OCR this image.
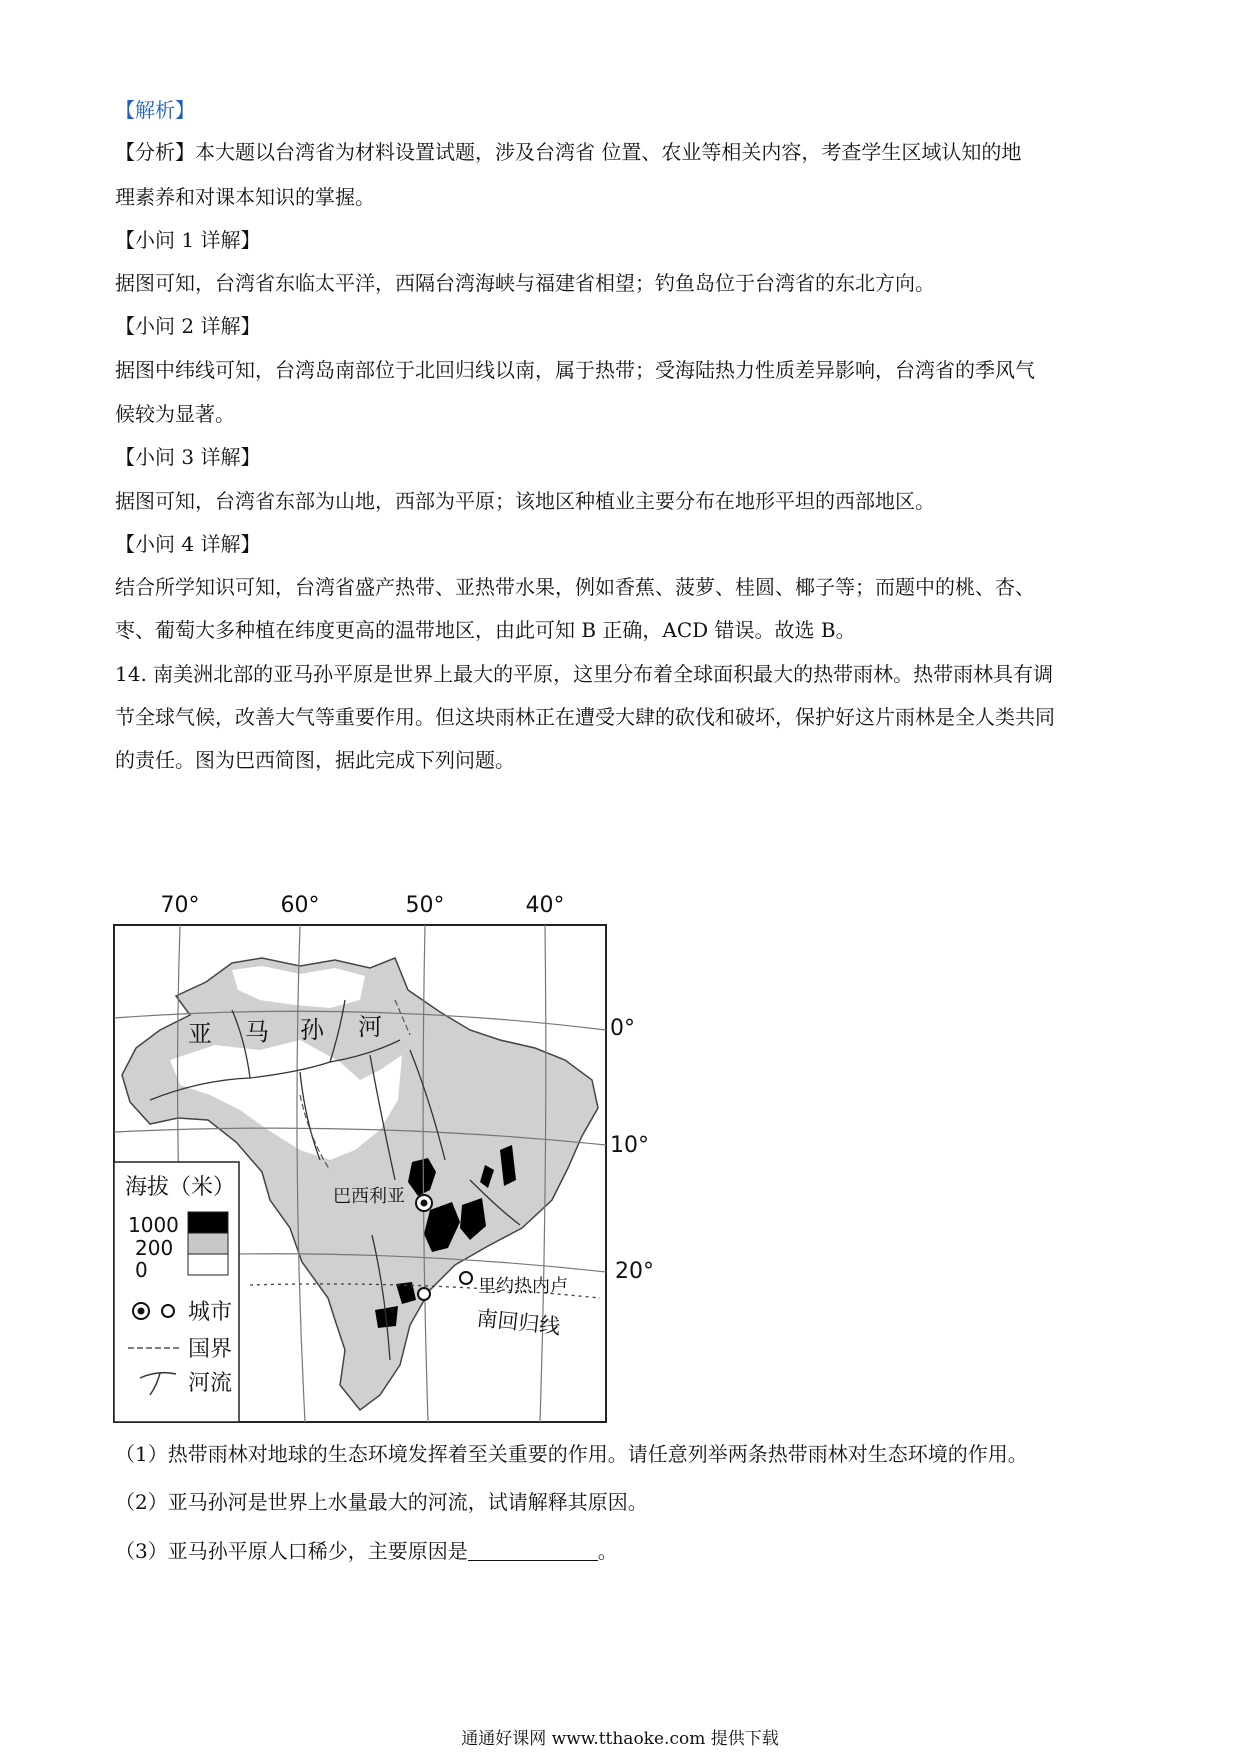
【解析】
【分析】本大题以台湾省为材料设置试题，涉及台湾省 位置、农业等相关内容，考查学生区域认知的地
理素养和对课本知识的掌握。
【小问 1 详解】
据图可知，台湾省东临太平洋，西隔台湾海峡与福建省相望；钓鱼岛位于台湾省的东北方向。
【小问 2 详解】
据图中纬线可知，台湾岛南部位于北回归线以南，属于热带；受海陆热力性质差异影响，台湾省的季风气
候较为显著。
【小问 3 详解】
据图可知，台湾省东部为山地，西部为平原；该地区种植业主要分布在地形平坦的西部地区。
【小问 4 详解】
结合所学知识可知，台湾省盛产热带、亚热带水果，例如香蕉、菠萝、桂圆、椰子等；而题中的桃、杏、
枣、葡萄大多种植在纬度更高的温带地区，由此可知 B 正确，ACD 错误。故选 B。
14. 南美洲北部的亚马孙平原是世界上最大的平原，这里分布着全球面积最大的热带雨林。热带雨林具有调
节全球气候，改善大气等重要作用。但这块雨林正在遭受大肆的砍伐和破坏，保护好这片雨林是全人类共同
的责任。图为巴西简图，据此完成下列问题。
70°	60°	50°	40°
0°
10°
20°
亚 马 孙 河
巴西利亚
里约热内卢
南回归线
海拔（米）
1000
200
0
城市
国界
河流
（1）热带雨林对地球的生态环境发挥着至关重要的作用。请任意列举两条热带雨林对生态环境的作用。
（2）亚马孙河是世界上水量最大的河流，试请解释其原因。
（3）亚马孙平原人口稀少，主要原因是	。
通通好课网 www.tthaoke.com 提供下载
